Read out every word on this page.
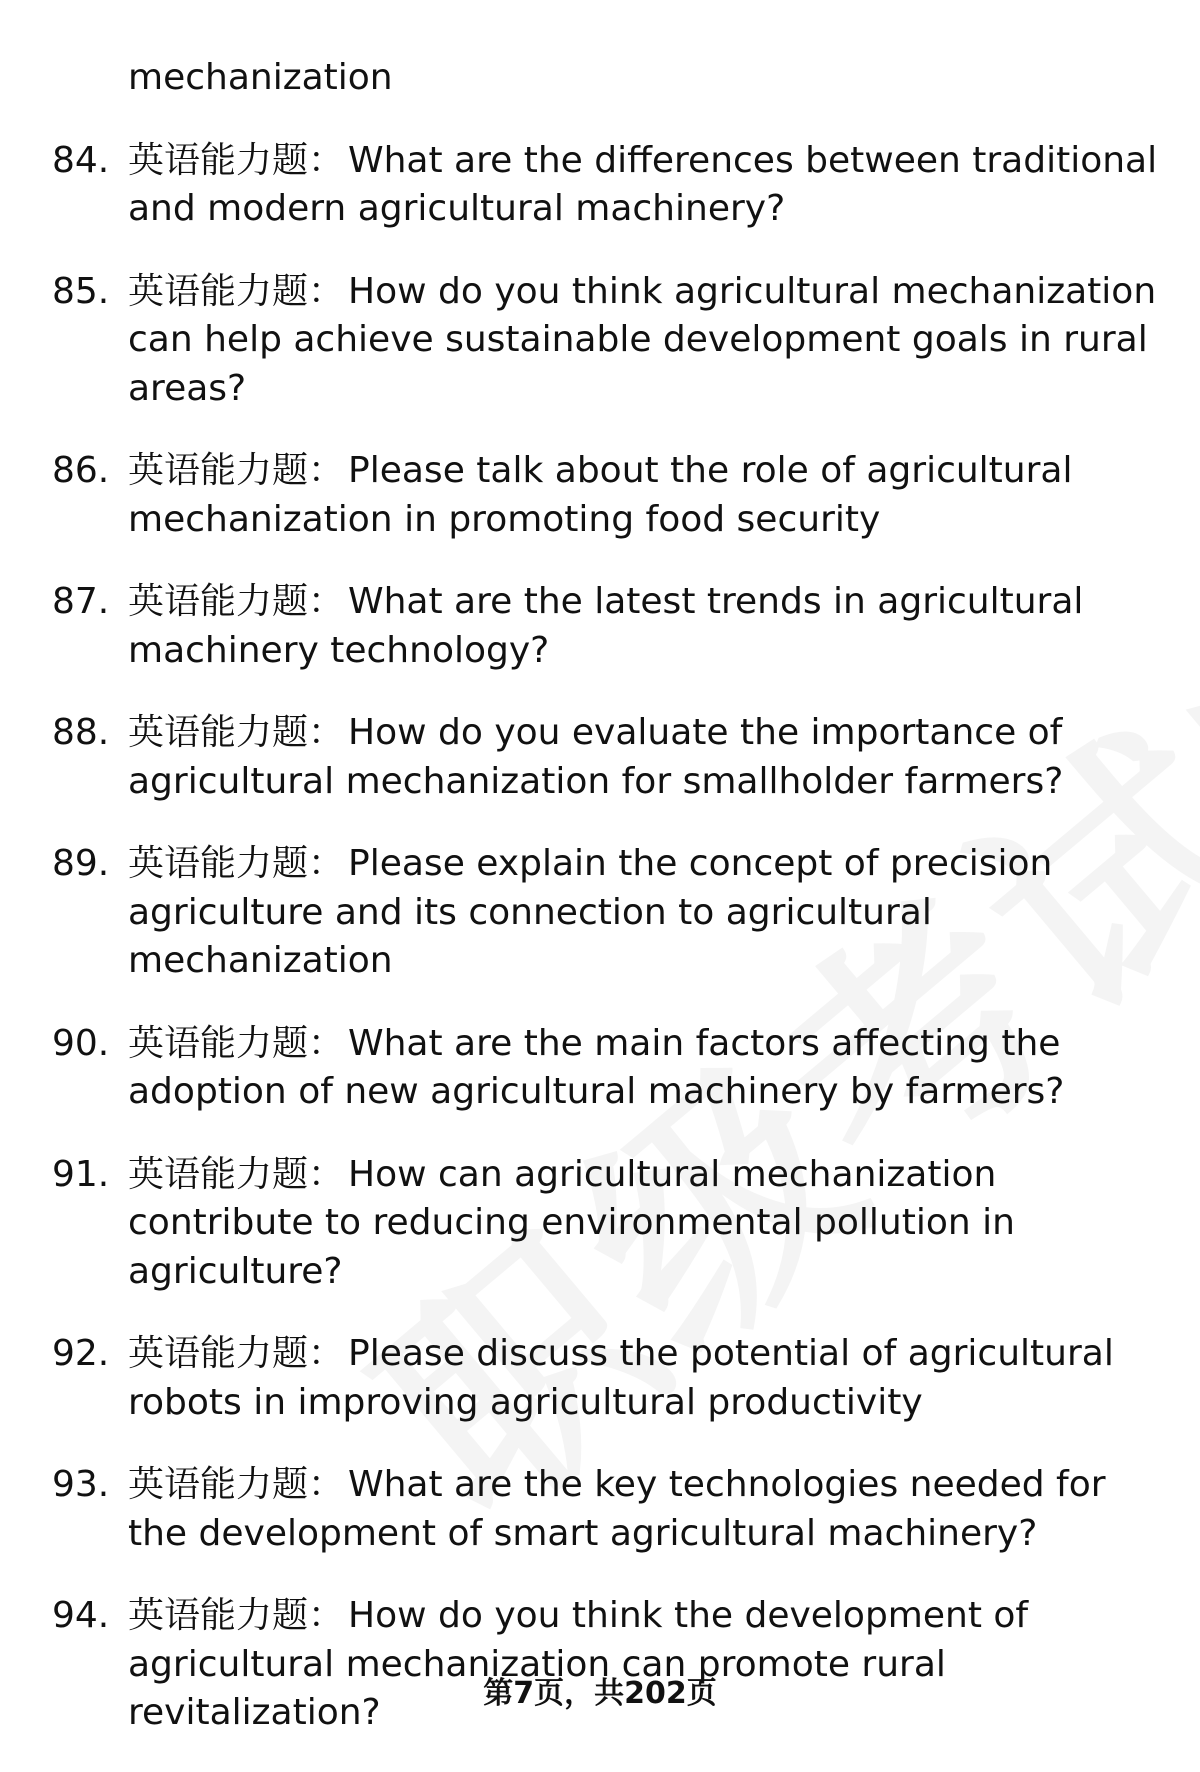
mechanization
84. 英语能力题： What are the differences between traditional and modern agricultural machinery?
85. 英语能力题： How do you think agricultural mechanization can help achieve sustainable development goals in rural areas?
86. 英语能力题： Please talk about the role of agricultural mechanization in promoting food security
87. 英语能力题： What are the latest trends in agricultural machinery technology?
88. 英语能力题： How do you evaluate the importance of agricultural mechanization for smallholder farmers?
89. 英语能力题： Please explain the concept of precision agriculture and its connection to agricultural mechanization
90. 英语能力题： What are the main factors affecting the adoption of new agricultural machinery by farmers?
91. 英语能力题： How can agricultural mechanization contribute to reducing environmental pollution in agriculture?
92. 英语能力题： Please discuss the potential of agricultural robots in improving agricultural productivity
93. 英语能力题： What are the key technologies needed for the development of smart agricultural machinery?
94. 英语能力题： How do you think the development of agricultural mechanization can promote rural revitalization?	第7页，共202页
